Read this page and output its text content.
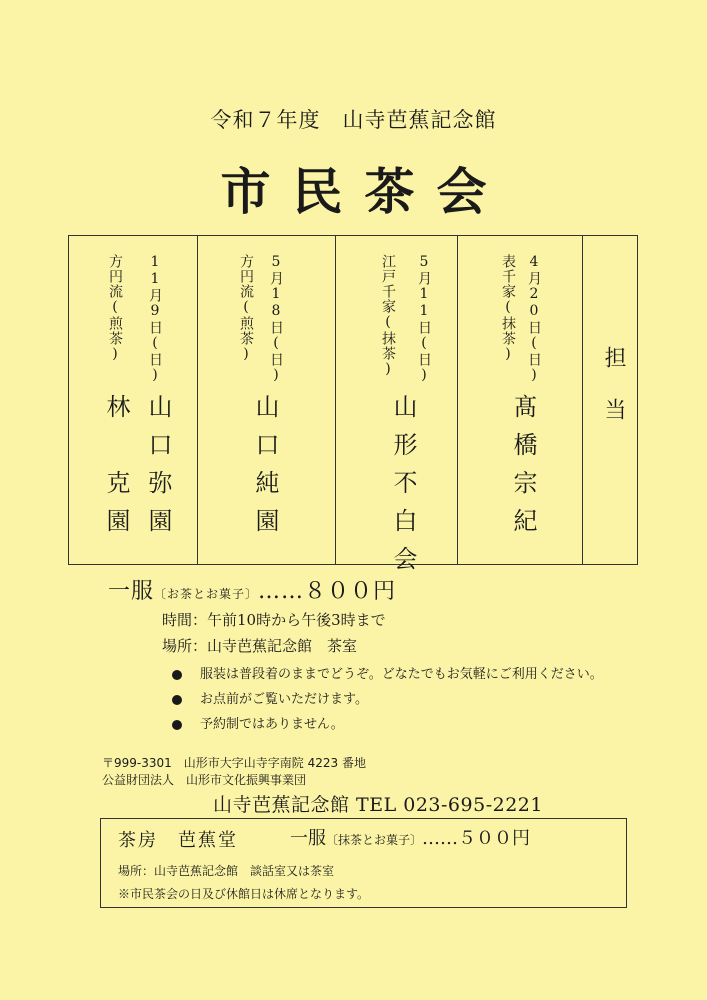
令和７年度　山寺芭蕉記念館
市民茶会
担当
4月20日(日)
表千家(抹茶)
髙橋宗紀
5月11日(日)
江戸千家(抹茶)
山形不白会
5月18日(日)
方円流(煎茶)
山口純園
11月9日(日)
方円流(煎茶)
山口弥園
林　克園
一服〔お茶とお菓子〕……８００円
時間：午前10時から午後3時まで
場所：山寺芭蕉記念館　茶室
服装は普段着のままでどうぞ。どなたでもお気軽にご利用ください。
お点前がご覧いただけます。
予約制ではありません。
〒999-3301　山形市大字山寺字南院 4223 番地
公益財団法人　山形市文化振興事業団
山寺芭蕉記念館 TEL 023-695-2221
茶房　芭蕉堂	一服〔抹茶とお菓子〕……５００円
場所：山寺芭蕉記念館　談話室又は茶室
※市民茶会の日及び休館日は休席となります。
